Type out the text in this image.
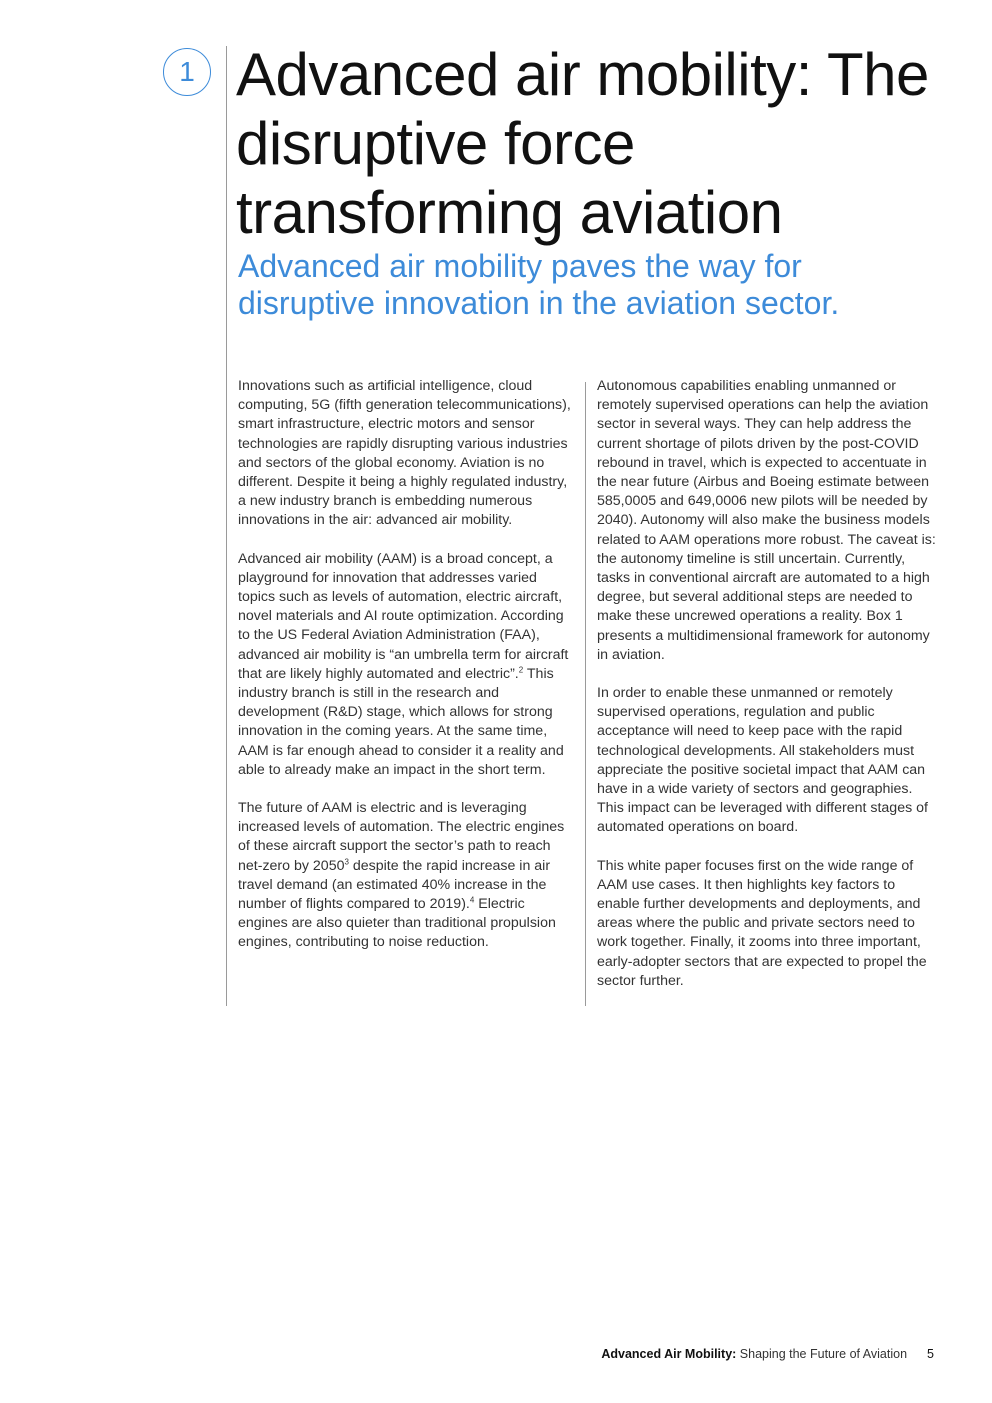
1 Advanced air mobility: The disruptive force transforming aviation
Advanced air mobility paves the way for disruptive innovation in the aviation sector.

Innovations such as artificial intelligence, cloud computing, 5G (fifth generation telecommunications), smart infrastructure, electric motors and sensor technologies are rapidly disrupting various industries and sectors of the global economy. Aviation is no different. Despite it being a highly regulated industry, a new industry branch is embedding numerous innovations in the air: advanced air mobility.

Advanced air mobility (AAM) is a broad concept, a playground for innovation that addresses varied topics such as levels of automation, electric aircraft, novel materials and AI route optimization. According to the US Federal Aviation Administration (FAA), advanced air mobility is “an umbrella term for aircraft that are likely highly automated and electric”.$^2$ This industry branch is still in the research and development (R&D) stage, which allows for strong innovation in the coming years. At the same time, AAM is far enough ahead to consider it a reality and able to already make an impact in the short term.

The future of AAM is electric and is leveraging increased levels of automation. The electric engines of these aircraft support the sector’s path to reach net-zero by 2050$^3$ despite the rapid increase in air travel demand (an estimated 40% increase in the number of flights compared to 2019).$^4$ Electric engines are also quieter than traditional propulsion engines, contributing to noise reduction.

Autonomous capabilities enabling unmanned or remotely supervised operations can help the aviation sector in several ways. They can help address the current shortage of pilots driven by the post-COVID rebound in travel, which is expected to accentuate in the near future (Airbus and Boeing estimate between 585,0005 and 649,0006 new pilots will be needed by 2040). Autonomy will also make the business models related to AAM operations more robust. The caveat is: the autonomy timeline is still uncertain. Currently, tasks in conventional aircraft are automated to a high degree, but several additional steps are needed to make these uncrewed operations a reality. Box 1 presents a multidimensional framework for autonomy in aviation.

In order to enable these unmanned or remotely supervised operations, regulation and public acceptance will need to keep pace with the rapid technological developments. All stakeholders must appreciate the positive societal impact that AAM can have in a wide variety of sectors and geographies. This impact can be leveraged with different stages of automated operations on board.

This white paper focuses first on the wide range of AAM use cases. It then highlights key factors to enable further developments and deployments, and areas where the public and private sectors need to work together. Finally, it zooms into three important, early-adopter sectors that are expected to propel the sector further.

Advanced Air Mobility: Shaping the Future of Aviation 5
